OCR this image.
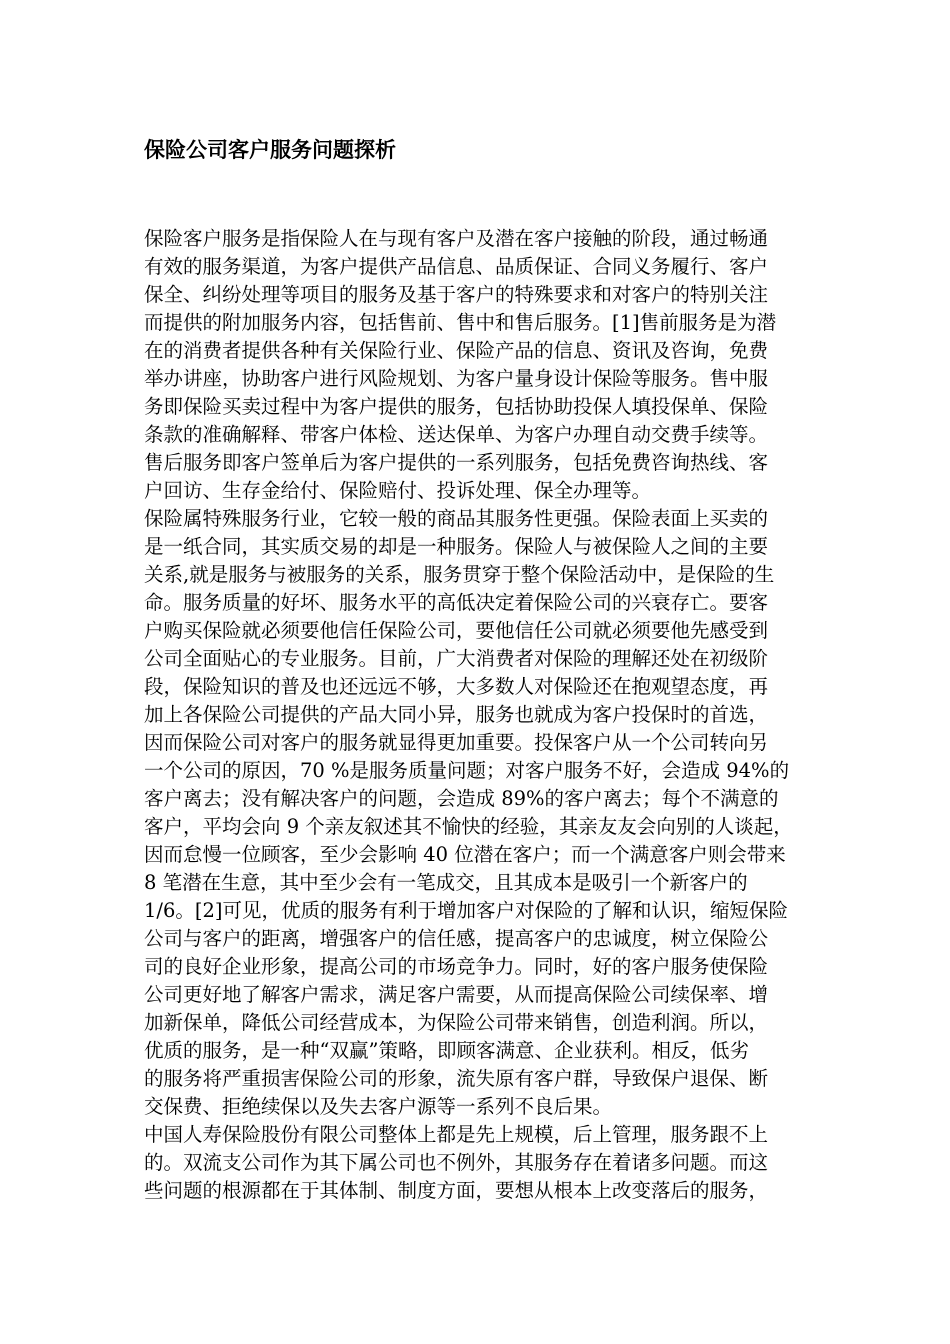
保险公司客户服务问题探析
保险客户服务是指保险人在与现有客户及潜在客户接触的阶段，通过畅通
有效的服务渠道，为客户提供产品信息、品质保证、合同义务履行、客户
保全、纠纷处理等项目的服务及基于客户的特殊要求和对客户的特别关注
而提供的附加服务内容，包括售前、售中和售后服务。[1]售前服务是为潜
在的消费者提供各种有关保险行业、保险产品的信息、资讯及咨询，免费
举办讲座，协助客户进行风险规划、为客户量身设计保险等服务。售中服
务即保险买卖过程中为客户提供的服务，包括协助投保人填投保单、保险
条款的准确解释、带客户体检、送达保单、为客户办理自动交费手续等。
售后服务即客户签单后为客户提供的一系列服务，包括免费咨询热线、客
户回访、生存金给付、保险赔付、投诉处理、保全办理等。
保险属特殊服务行业，它较一般的商品其服务性更强。保险表面上买卖的
是一纸合同，其实质交易的却是一种服务。保险人与被保险人之间的主要
关系,就是服务与被服务的关系，服务贯穿于整个保险活动中，是保险的生
命。服务质量的好坏、服务水平的高低决定着保险公司的兴衰存亡。要客
户购买保险就必须要他信任保险公司，要他信任公司就必须要他先感受到
公司全面贴心的专业服务。目前，广大消费者对保险的理解还处在初级阶
段，保险知识的普及也还远远不够，大多数人对保险还在抱观望态度，再
加上各保险公司提供的产品大同小异，服务也就成为客户投保时的首选，
因而保险公司对客户的服务就显得更加重要。投保客户从一个公司转向另
一个公司的原因，70 %是服务质量问题；对客户服务不好，会造成 94%的
客户离去；没有解决客户的问题，会造成 89%的客户离去；每个不满意的
客户，平均会向 9 个亲友叙述其不愉快的经验，其亲友友会向别的人谈起，
因而怠慢一位顾客，至少会影响 40 位潜在客户；而一个满意客户则会带来
8 笔潜在生意，其中至少会有一笔成交，且其成本是吸引一个新客户的
1/6。[2]可见，优质的服务有利于增加客户对保险的了解和认识，缩短保险
公司与客户的距离，增强客户的信任感，提高客户的忠诚度，树立保险公
司的良好企业形象，提高公司的市场竞争力。同时，好的客户服务使保险
公司更好地了解客户需求，满足客户需要，从而提高保险公司续保率、增
加新保单，降低公司经营成本，为保险公司带来销售，创造利润。所以，
优质的服务，是一种“双赢”策略，即顾客满意、企业获利。相反，低劣
的服务将严重损害保险公司的形象，流失原有客户群，导致保户退保、断
交保费、拒绝续保以及失去客户源等一系列不良后果。
中国人寿保险股份有限公司整体上都是先上规模，后上管理，服务跟不上
的。双流支公司作为其下属公司也不例外，其服务存在着诸多问题。而这
些问题的根源都在于其体制、制度方面，要想从根本上改变落后的服务，
